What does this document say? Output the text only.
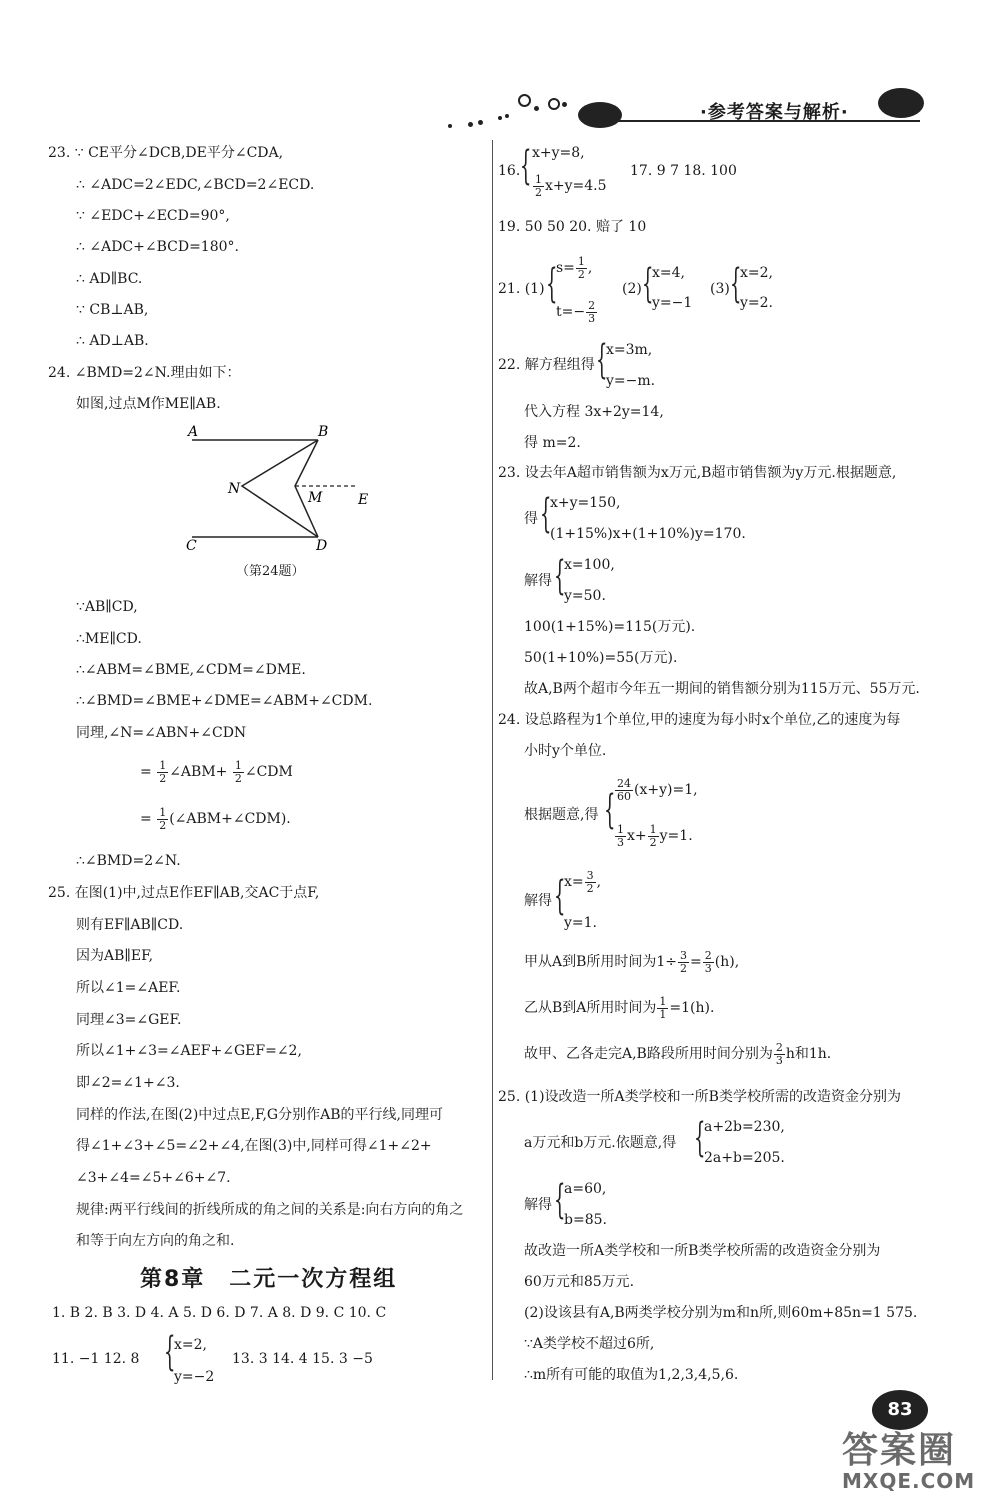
·参考答案与解析·
23. ∵ CE平分∠DCB,DE平分∠CDA,
∴ ∠ADC=2∠EDC,∠BCD=2∠ECD.
∵ ∠EDC+∠ECD=90°,
∴ ∠ADC+∠BCD=180°.
∴ AD∥BC.
∵ CB⊥AB,
∴ AD⊥AB.
24. ∠BMD=2∠N.理由如下：
如图,过点M作ME∥AB.
A	B
N
M	E
C	D
（第24题）
∵AB∥CD,
∴ME∥CD.
∴∠ABM=∠BME,∠CDM=∠DME.
∴∠BMD=∠BME+∠DME=∠ABM+∠CDM.
同理,∠N=∠ABN+∠CDN
= $\frac{1}{2}$ ∠ABM+ $\frac{1}{2}$ ∠CDM
= $\frac{1}{2}$ (∠ABM+∠CDM).
∴∠BMD=2∠N.
25. 在图(1)中,过点E作EF∥AB,交AC于点F,
则有EF∥AB∥CD.
因为AB∥EF,
所以∠1=∠AEF.
同理∠3=∠GEF.
所以∠1+∠3=∠AEF+∠GEF=∠2,
即∠2=∠1+∠3.
同样的作法,在图(2)中过点E,F,G分别作AB的平行线,同理可
得∠1+∠3+∠5=∠2+∠4,在图(3)中,同样可得∠1+∠2+
∠3+∠4=∠5+∠6+∠7.
规律:两平行线间的折线所成的角之间的关系是:向右方向的角之
和等于向左方向的角之和.
第8章　二元一次方程组
1. B 2. B 3. D 4. A 5. D 6. D 7. A 8. D 9. C 10. C
11. −1 12. 8 {
x=2,
y=−2
13. 3 14. 4 15. 3 −5
16. { x+y=8,
$\frac{1}{2} x+y=4.5$
17. 9 7 18. 100
19. 50 50 20. 赔了 10
21. (1) {
$s= \frac{1}{2}$ ,
$t=- \frac{2}{3}$
(2) {
x=4,
y=−1
(3) {
x=2,
y=2.
22. 解方程组得 {
x=3m,
y=−m.
代入方程 3x+2y=14,
得 m=2.
23. 设去年A超市销售额为x万元,B超市销售额为y万元.根据题意,
得 {
x+y=150,
(1+15%)x+(1+10%)y=170.
解得 {
x=100,
y=50.
100(1+15%)=115(万元).
50(1+10%)=55(万元).
故A,B两个超市今年五一期间的销售额分别为115万元、55万元.
24. 设总路程为1个单位,甲的速度为每小时x个单位,乙的速度为每
小时y个单位.
根据题意,得 { $\frac{24}{60} (x+y)=1$,
$\frac{1}{3} x+ \frac{1}{2} y=1$.
解得 {
$x= \frac{3}{2}$ ,
y=1.
甲从A到B所用时间为$1\div \frac{3}{2} = \frac{2}{3} (h)$,
乙从B到A所用时间为 $\frac{1}{1} =1(h)$.
故甲、乙各走完A,B路段所用时间分别为 $\frac{2}{3}$ h和1h.
25. (1)设改造一所A类学校和一所B类学校所需的改造资金分别为
a万元和b万元.依题意,得 {
a+2b=230,
2a+b=205.
解得 {
a=60,
b=85.
故改造一所A类学校和一所B类学校所需的改造资金分别为
60万元和85万元.
(2)设该县有A,B两类学校分别为m和n所,则60m+85n=1 575.
∵A类学校不超过6所,
∴m所有可能的取值为1,2,3,4,5,6.
83
答案圈
MXQE.COM
